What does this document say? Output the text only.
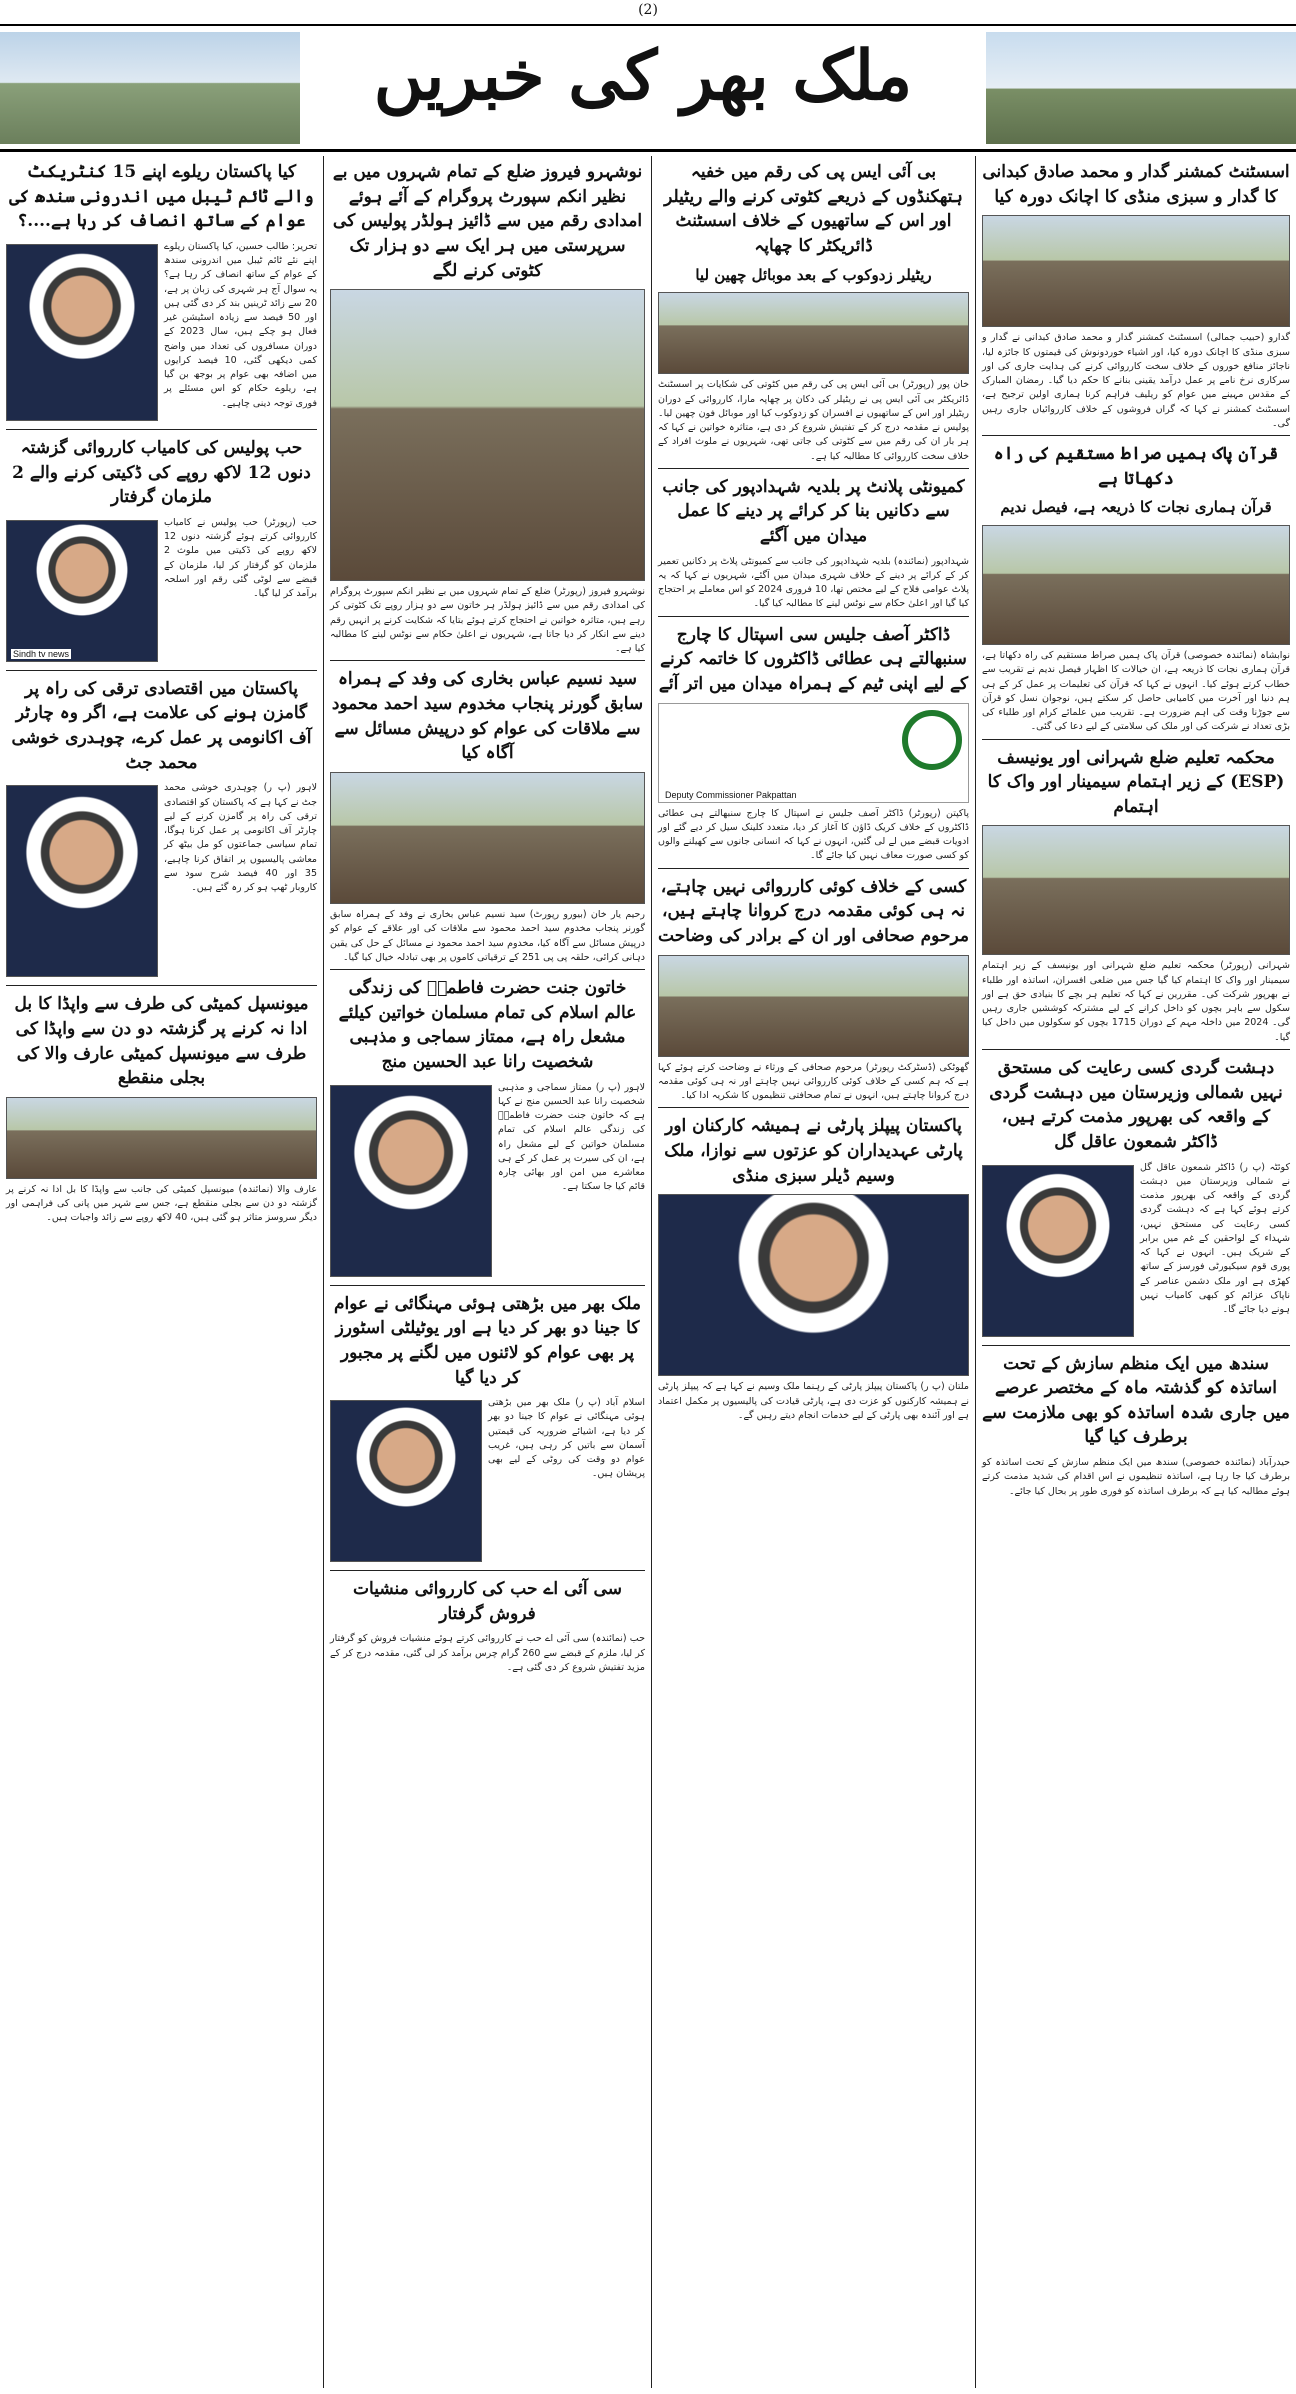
(2)
ملک بھر کی خبریں
اسسٹنٹ کمشنر گدار و محمد صادق کبدانی کا گدار و سبزی منڈی کا اچانک دورہ کیا
گدارو (حبیب جمالی) اسسٹنٹ کمشنر گدار و محمد صادق کبدانی نے گدار و سبزی منڈی کا اچانک دورہ کیا، اور اشیاء خوردونوش کی قیمتوں کا جائزہ لیا، ناجائز منافع خوروں کے خلاف سخت کارروائی کرنے کی ہدایت جاری کی اور سرکاری نرخ نامے پر عمل درآمد یقینی بنانے کا حکم دیا گیا۔ رمضان المبارک کے مقدس مہینے میں عوام کو ریلیف فراہم کرنا ہماری اولین ترجیح ہے، اسسٹنٹ کمشنر نے کہا کہ گراں فروشوں کے خلاف کارروائیاں جاری رہیں گی۔
قرآن پاک ہمیں صراط مستقیم کی راہ دکھاتا ہے
قرآن ہماری نجات کا ذریعہ ہے، فیصل ندیم
نوابشاہ (نمائندہ خصوصی) قرآن پاک ہمیں صراط مستقیم کی راہ دکھاتا ہے، قرآن ہماری نجات کا ذریعہ ہے، ان خیالات کا اظہار فیصل ندیم نے تقریب سے خطاب کرتے ہوئے کیا۔ انہوں نے کہا کہ قرآن کی تعلیمات پر عمل کر کے ہی ہم دنیا اور آخرت میں کامیابی حاصل کر سکتے ہیں، نوجوان نسل کو قرآن سے جوڑنا وقت کی اہم ضرورت ہے۔ تقریب میں علمائے کرام اور طلباء کی بڑی تعداد نے شرکت کی اور ملک کی سلامتی کے لیے دعا کی گئی۔
محکمہ تعلیم ضلع شہرانی اور یونیسف (ESP) کے زیر اہتمام سیمینار اور واک کا اہتمام
شہرانی (رپورٹر) محکمہ تعلیم ضلع شہرانی اور یونیسف کے زیر اہتمام سیمینار اور واک کا اہتمام کیا گیا جس میں ضلعی افسران، اساتذہ اور طلباء نے بھرپور شرکت کی۔ مقررین نے کہا کہ تعلیم ہر بچے کا بنیادی حق ہے اور سکول سے باہر بچوں کو داخل کرانے کے لیے مشترکہ کوششیں جاری رہیں گی۔ 2024 میں داخلہ مہم کے دوران 1715 بچوں کو سکولوں میں داخل کیا گیا۔
دہشت گردی کسی رعایت کی مستحق نہیں شمالی وزیرستان میں دہشت گردی کے واقعہ کی بھرپور مذمت کرتے ہیں، ڈاکٹر شمعون عاقل گل
کوئٹہ (پ ر) ڈاکٹر شمعون عاقل گل نے شمالی وزیرستان میں دہشت گردی کے واقعہ کی بھرپور مذمت کرتے ہوئے کہا ہے کہ دہشت گردی کسی رعایت کی مستحق نہیں، شہداء کے لواحقین کے غم میں برابر کے شریک ہیں۔ انہوں نے کہا کہ پوری قوم سیکیورٹی فورسز کے ساتھ کھڑی ہے اور ملک دشمن عناصر کے ناپاک عزائم کو کبھی کامیاب نہیں ہونے دیا جائے گا۔
سندھ میں ایک منظم سازش کے تحت اساتذہ کو گذشتہ ماہ کے مختصر عرصے میں جاری شدہ اساتذہ کو بھی ملازمت سے برطرف کیا گیا
حیدرآباد (نمائندہ خصوصی) سندھ میں ایک منظم سازش کے تحت اساتذہ کو برطرف کیا جا رہا ہے، اساتذہ تنظیموں نے اس اقدام کی شدید مذمت کرتے ہوئے مطالبہ کیا ہے کہ برطرف اساتذہ کو فوری طور پر بحال کیا جائے۔
بی آئی ایس پی کی رقم میں خفیہ ہتھکنڈوں کے ذریعے کٹوتی کرنے والے ریٹیلر اور اس کے ساتھیوں کے خلاف اسسٹنٹ ڈائریکٹر کا چھاپہ
ریٹیلر زدوکوب کے بعد موبائل چھین لیا
خان پور (رپورٹر) بی آئی ایس پی کی رقم میں کٹوتی کی شکایات پر اسسٹنٹ ڈائریکٹر بی آئی ایس پی نے ریٹیلر کی دکان پر چھاپہ مارا، کارروائی کے دوران ریٹیلر اور اس کے ساتھیوں نے افسران کو زدوکوب کیا اور موبائل فون چھین لیا۔ پولیس نے مقدمہ درج کر کے تفتیش شروع کر دی ہے، متاثرہ خواتین نے کہا کہ ہر بار ان کی رقم میں سے کٹوتی کی جاتی تھی، شہریوں نے ملوث افراد کے خلاف سخت کارروائی کا مطالبہ کیا ہے۔
کمیونٹی پلانٹ پر بلدیہ شہدادپور کی جانب سے دکانیں بنا کر کرائے پر دینے کا عمل میدان میں آگئے
شہدادپور (نمائندہ) بلدیہ شہدادپور کی جانب سے کمیونٹی پلاٹ پر دکانیں تعمیر کر کے کرائے پر دینے کے خلاف شہری میدان میں آگئے، شہریوں نے کہا کہ یہ پلاٹ عوامی فلاح کے لیے مختص تھا، 10 فروری 2024 کو اس معاملے پر احتجاج کیا گیا اور اعلیٰ حکام سے نوٹس لینے کا مطالبہ کیا گیا۔
ڈاکٹر آصف جلیس سی اسپتال کا چارج سنبھالتے ہی عطائی ڈاکٹروں کا خاتمہ کرنے کے لیے اپنی ٹیم کے ہمراہ میدان میں اتر آئے
Deputy Commissioner Pakpattan
پاکپتن (رپورٹر) ڈاکٹر آصف جلیس نے اسپتال کا چارج سنبھالتے ہی عطائی ڈاکٹروں کے خلاف کریک ڈاؤن کا آغاز کر دیا، متعدد کلینک سیل کر دیے گئے اور ادویات قبضے میں لے لی گئیں، انہوں نے کہا کہ انسانی جانوں سے کھیلنے والوں کو کسی صورت معاف نہیں کیا جائے گا۔
کسی کے خلاف کوئی کارروائی نہیں چاہتے، نہ ہی کوئی مقدمہ درج کروانا چاہتے ہیں، مرحوم صحافی اور ان کے برادر کی وضاحت
گھوٹکی (ڈسٹرکٹ رپورٹر) مرحوم صحافی کے ورثاء نے وضاحت کرتے ہوئے کہا ہے کہ ہم کسی کے خلاف کوئی کارروائی نہیں چاہتے اور نہ ہی کوئی مقدمہ درج کروانا چاہتے ہیں، انہوں نے تمام صحافتی تنظیموں کا شکریہ ادا کیا۔
پاکستان پیپلز پارٹی نے ہمیشہ کارکنان اور پارٹی عہدیداران کو عزتوں سے نوازا، ملک وسیم ڈیلر سبزی منڈی
ملتان (پ ر) پاکستان پیپلز پارٹی کے رہنما ملک وسیم نے کہا ہے کہ پیپلز پارٹی نے ہمیشہ کارکنوں کو عزت دی ہے، پارٹی قیادت کی پالیسیوں پر مکمل اعتماد ہے اور آئندہ بھی پارٹی کے لیے خدمات انجام دیتے رہیں گے۔
نوشہرو فیروز ضلع کے تمام شہروں میں بے نظیر انکم سپورٹ پروگرام کے آئے ہوئے امدادی رقم میں سے ڈائیز ہولڈر پولیس کی سرپرستی میں ہر ایک سے دو ہزار تک کٹوتی کرنے لگے
نوشہرو فیروز (رپورٹر) ضلع کے تمام شہروں میں بے نظیر انکم سپورٹ پروگرام کی امدادی رقم میں سے ڈائیز ہولڈر ہر خاتون سے دو ہزار روپے تک کٹوتی کر رہے ہیں، متاثرہ خواتین نے احتجاج کرتے ہوئے بتایا کہ شکایت کرنے پر انہیں رقم دینے سے انکار کر دیا جاتا ہے، شہریوں نے اعلیٰ حکام سے نوٹس لینے کا مطالبہ کیا ہے۔
سید نسیم عباس بخاری کی وفد کے ہمراہ سابق گورنر پنجاب مخدوم سید احمد محمود سے ملاقات کی عوام کو درپیش مسائل سے آگاہ کیا
رحیم یار خان (بیورو رپورٹ) سید نسیم عباس بخاری نے وفد کے ہمراہ سابق گورنر پنجاب مخدوم سید احمد محمود سے ملاقات کی اور علاقے کے عوام کو درپیش مسائل سے آگاہ کیا، مخدوم سید احمد محمود نے مسائل کے حل کی یقین دہانی کرائی، حلقہ پی پی 251 کے ترقیاتی کاموں پر بھی تبادلہ خیال کیا گیا۔
خاتون جنت حضرت فاطمہؓ کی زندگی عالم اسلام کی تمام مسلمان خواتین کیلئے مشعل راہ ہے، ممتاز سماجی و مذہبی شخصیت رانا عبد الحسین منج
لاہور (پ ر) ممتاز سماجی و مذہبی شخصیت رانا عبد الحسین منج نے کہا ہے کہ خاتون جنت حضرت فاطمہؓ کی زندگی عالم اسلام کی تمام مسلمان خواتین کے لیے مشعل راہ ہے، ان کی سیرت پر عمل کر کے ہی معاشرے میں امن اور بھائی چارہ قائم کیا جا سکتا ہے۔
ملک بھر میں بڑھتی ہوئی مہنگائی نے عوام کا جینا دو بھر کر دیا ہے اور یوٹیلٹی اسٹورز پر بھی عوام کو لائنوں میں لگنے پر مجبور کر دیا گیا
اسلام آباد (پ ر) ملک بھر میں بڑھتی ہوئی مہنگائی نے عوام کا جینا دو بھر کر دیا ہے، اشیائے ضروریہ کی قیمتیں آسمان سے باتیں کر رہی ہیں، غریب عوام دو وقت کی روٹی کے لیے بھی پریشان ہیں۔
سی آئی اے حب کی کارروائی منشیات فروش گرفتار
حب (نمائندہ) سی آئی اے حب نے کارروائی کرتے ہوئے منشیات فروش کو گرفتار کر لیا، ملزم کے قبضے سے 260 گرام چرس برآمد کر لی گئی، مقدمہ درج کر کے مزید تفتیش شروع کر دی گئی ہے۔
کیا پاکستان ریلوے اپنے 15 کنٹریکٹ والے ٹائم ٹیبل میں اندرونی سندھ کی عوام کے ساتھ انصاف کر رہا ہے....؟
تحریر: طالب حسین، کیا پاکستان ریلوے اپنے نئے ٹائم ٹیبل میں اندرونی سندھ کے عوام کے ساتھ انصاف کر رہا ہے؟ یہ سوال آج ہر شہری کی زبان پر ہے، 20 سے زائد ٹرینیں بند کر دی گئی ہیں اور 50 فیصد سے زیادہ اسٹیشن غیر فعال ہو چکے ہیں، سال 2023 کے دوران مسافروں کی تعداد میں واضح کمی دیکھی گئی، 10 فیصد کرایوں میں اضافہ بھی عوام پر بوجھ بن گیا ہے، ریلوے حکام کو اس مسئلے پر فوری توجہ دینی چاہیے۔
حب پولیس کی کامیاب کارروائی گزشتہ دنوں 12 لاکھ روپے کی ڈکیتی کرنے والے 2 ملزمان گرفتار
Sindh tv news
حب (رپورٹر) حب پولیس نے کامیاب کارروائی کرتے ہوئے گزشتہ دنوں 12 لاکھ روپے کی ڈکیتی میں ملوث 2 ملزمان کو گرفتار کر لیا، ملزمان کے قبضے سے لوٹی گئی رقم اور اسلحہ برآمد کر لیا گیا۔
پاکستان میں اقتصادی ترقی کی راہ پر گامزن ہونے کی علامت ہے، اگر وہ چارٹر آف اکانومی پر عمل کرے، چوہدری خوشی محمد جٹ
لاہور (پ ر) چوہدری خوشی محمد جٹ نے کہا ہے کہ پاکستان کو اقتصادی ترقی کی راہ پر گامزن کرنے کے لیے چارٹر آف اکانومی پر عمل کرنا ہوگا، تمام سیاسی جماعتوں کو مل بیٹھ کر معاشی پالیسیوں پر اتفاق کرنا چاہیے، 35 اور 40 فیصد شرح سود سے کاروبار ٹھپ ہو کر رہ گئے ہیں۔
میونسپل کمیٹی کی طرف سے واپڈا کا بل ادا نہ کرنے پر گزشتہ دو دن سے واپڈا کی طرف سے میونسپل کمیٹی عارف والا کی بجلی منقطع
عارف والا (نمائندہ) میونسپل کمیٹی کی جانب سے واپڈا کا بل ادا نہ کرنے پر گزشتہ دو دن سے بجلی منقطع ہے، جس سے شہر میں پانی کی فراہمی اور دیگر سروسز متاثر ہو گئی ہیں، 40 لاکھ روپے سے زائد واجبات ہیں۔
